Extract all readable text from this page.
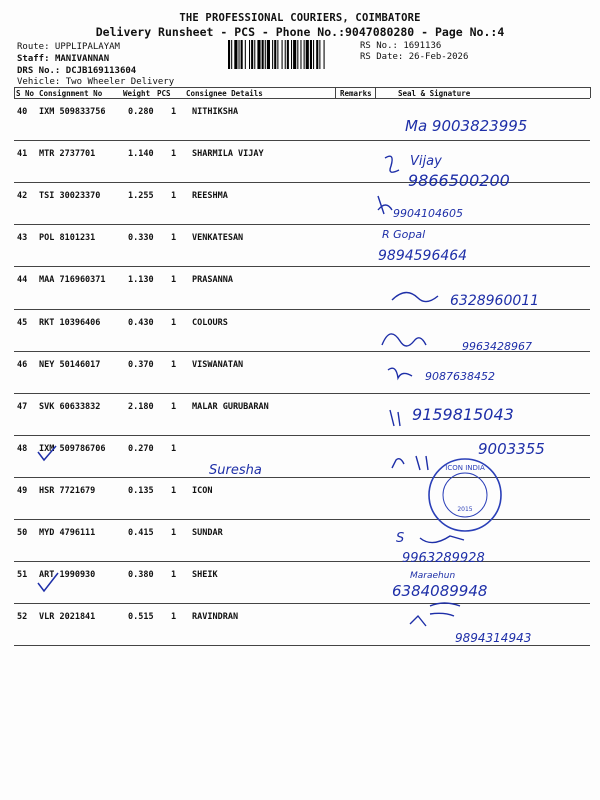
THE PROFESSIONAL COURIERS, COIMBATORE
Delivery Runsheet - PCS - Phone No.:9047080280 - Page No.:4
Route: UPPLIPALAYAM
Staff: MANIVANNAN
DRS No.: DCJB169113604
Vehicle: Two Wheeler Delivery
RS No.: 1691136
RS Date: 26-Feb-2026
S No Consignment No	Weight PCS Consignee Details	Remarks	Seal & Signature
40 IXM 509833756	0.280 1 NITHIKSHA
41 MTR 2737701	1.140 1 SHARMILA VIJAY
42 TSI 30023370	1.255 1 REESHMA
43 POL 8101231	0.330 1 VENKATESAN
44 MAA 716960371	1.130 1 PRASANNA
45 RKT 10396406	0.430 1 COLOURS
46 NEY 50146017	0.370 1 VISWANATAN
47 SVK 60633832	2.180 1 MALAR GURUBARAN
48 IXM 509786706	0.270 1
49 HSR 7721679	0.135 1 ICON
50 MYD 4796111	0.415 1 SUNDAR
51 ART 1990930	0.380 1 SHEIK
52 VLR 2021841	0.515 1 RAVINDRAN
Ma 9003823995
Vijay
9866500200
9904104605
R Gopal
9894596464
6328960011
9963428967
9087638452
9159815043
9003355
Suresha
S
9963289928
Maraehun
6384089948
9894314943
ICON INDIA
2015
